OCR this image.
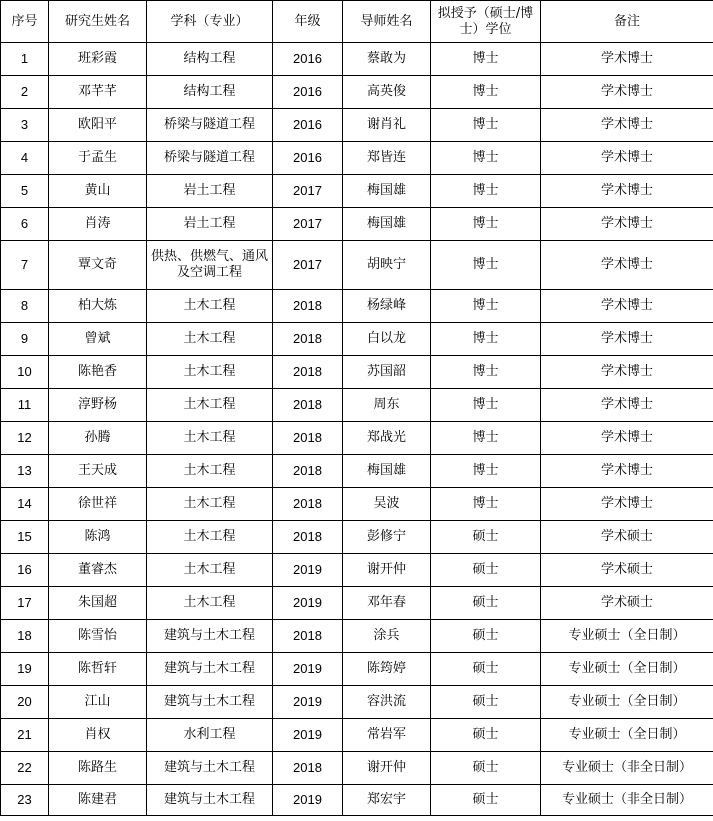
序号	研究生姓名	学科（专业）	年级	导师姓名	拟授予（硕士/博士）学位	备注
1	班彩霞	结构工程	2016	蔡敢为	博士	学术博士
2	邓芊芊	结构工程	2016	高英俊	博士	学术博士
3	欧阳平	桥梁与隧道工程	2016	谢肖礼	博士	学术博士
4	于孟生	桥梁与隧道工程	2016	郑皆连	博士	学术博士
5	黄山	岩土工程	2017	梅国雄	博士	学术博士
6	肖涛	岩土工程	2017	梅国雄	博士	学术博士
7	覃文奇	供热、供燃气、通风及空调工程	2017	胡映宁	博士	学术博士
8	柏大炼	土木工程	2018	杨绿峰	博士	学术博士
9	曾斌	土木工程	2018	白以龙	博士	学术博士
10	陈艳香	土木工程	2018	苏国韶	博士	学术博士
11	淳野杨	土木工程	2018	周东	博士	学术博士
12	孙腾	土木工程	2018	郑战光	博士	学术博士
13	王天成	土木工程	2018	梅国雄	博士	学术博士
14	徐世祥	土木工程	2018	吴波	博士	学术博士
15	陈鸿	土木工程	2018	彭修宁	硕士	学术硕士
16	董睿杰	土木工程	2019	谢开仲	硕士	学术硕士
17	朱国超	土木工程	2019	邓年春	硕士	学术硕士
18	陈雪怡	建筑与土木工程	2018	涂兵	硕士	专业硕士（全日制）
19	陈哲轩	建筑与土木工程	2019	陈筠婷	硕士	专业硕士（全日制）
20	江山	建筑与土木工程	2019	容洪流	硕士	专业硕士（全日制）
21	肖权	水利工程	2019	常岩军	硕士	专业硕士（全日制）
22	陈路生	建筑与土木工程	2018	谢开仲	硕士	专业硕士（非全日制）
23	陈建君	建筑与土木工程	2019	郑宏宇	硕士	专业硕士（非全日制）
